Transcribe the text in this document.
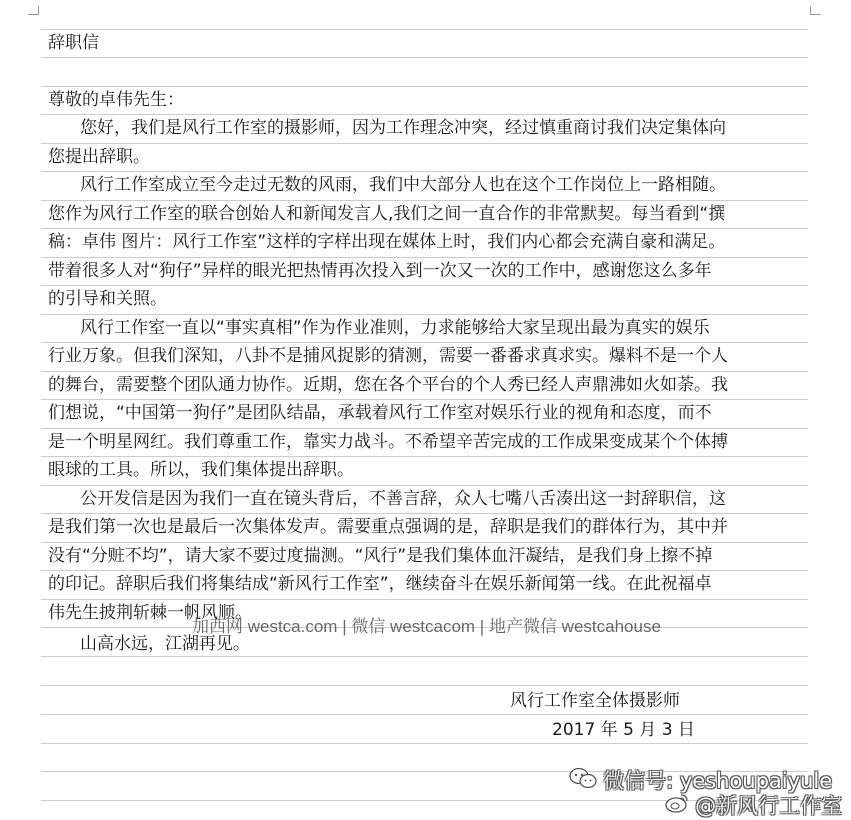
辞职信
尊敬的卓伟先生：
您好，我们是风行工作室的摄影师，因为工作理念冲突，经过慎重商讨我们决定集体向
您提出辞职。
风行工作室成立至今走过无数的风雨，我们中大部分人也在这个工作岗位上一路相随。
您作为风行工作室的联合创始人和新闻发言人,我们之间一直合作的非常默契。每当看到“撰
稿：卓伟 图片：风行工作室”这样的字样出现在媒体上时，我们内心都会充满自豪和满足。
带着很多人对“狗仔”异样的眼光把热情再次投入到一次又一次的工作中，感谢您这么多年
的引导和关照。
风行工作室一直以“事实真相”作为作业准则，力求能够给大家呈现出最为真实的娱乐
行业万象。但我们深知，八卦不是捕风捉影的猜测，需要一番番求真求实。爆料不是一个人
的舞台，需要整个团队通力协作。近期，您在各个平台的个人秀已经人声鼎沸如火如荼。我
们想说，“中国第一狗仔”是团队结晶，承载着风行工作室对娱乐行业的视角和态度，而不
是一个明星网红。我们尊重工作，靠实力战斗。不希望辛苦完成的工作成果变成某个个体搏
眼球的工具。所以，我们集体提出辞职。
公开发信是因为我们一直在镜头背后，不善言辞，众人七嘴八舌凑出这一封辞职信，这
是我们第一次也是最后一次集体发声。需要重点强调的是，辞职是我们的群体行为，其中并
没有“分赃不均”，请大家不要过度揣测。“风行”是我们集体血汗凝结，是我们身上擦不掉
的印记。辞职后我们将集结成“新风行工作室”，继续奋斗在娱乐新闻第一线。在此祝福卓
伟先生披荆斩棘一帆风顺。
山高水远，江湖再见。
风行工作室全体摄影师
2017 年 5 月 3 日
加西网 westca.com | 微信 westcacom | 地产微信 westcahouse
微信号: yeshoupaiyule
@新风行工作室
